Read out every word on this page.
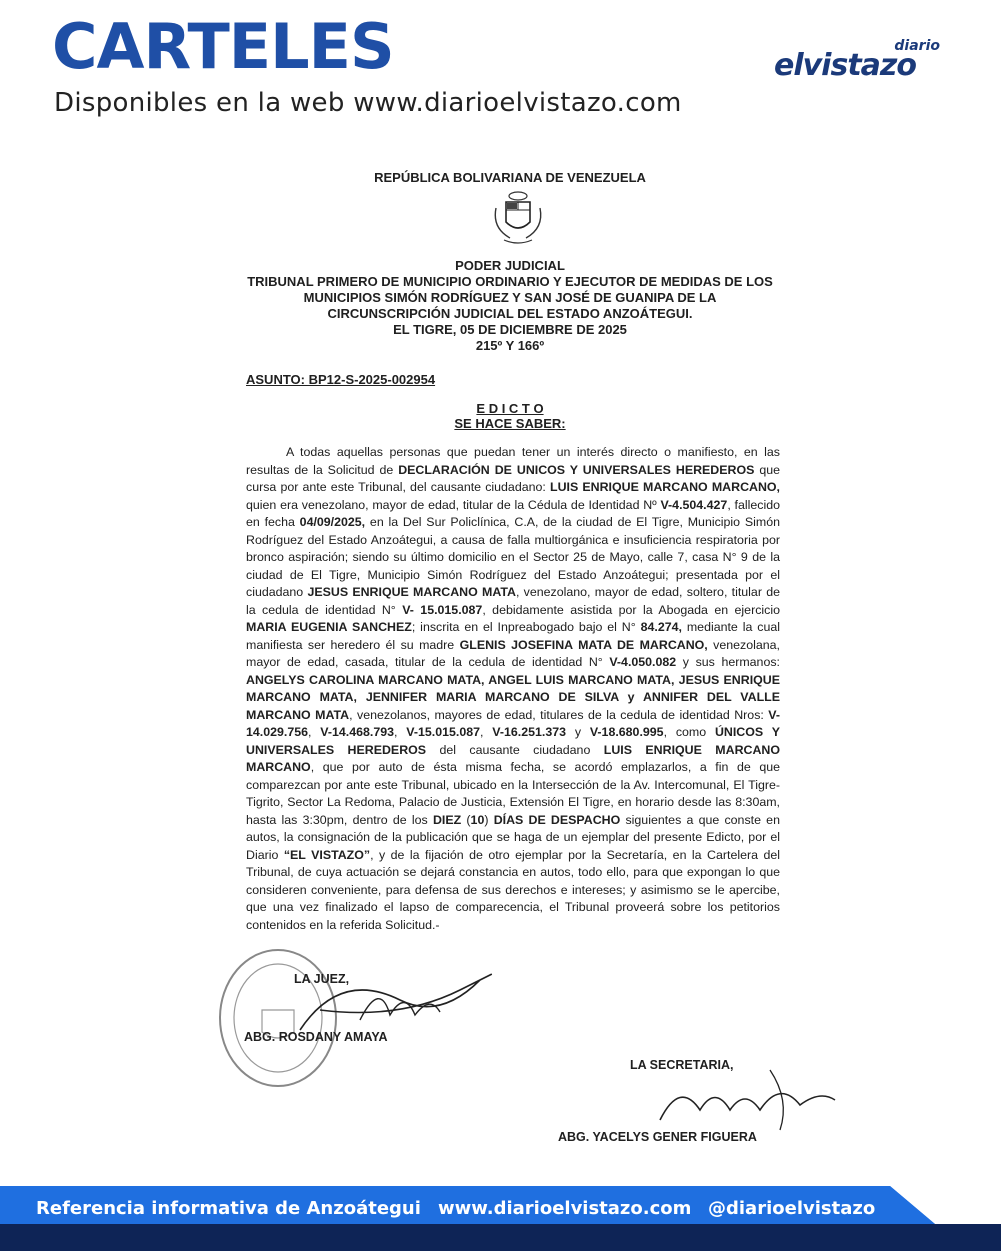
CARTELES
Disponibles en la web www.diarioelvistazo.com
diario
elvistazo
REPÚBLICA BOLIVARIANA DE VENEZUELA
PODER JUDICIAL
TRIBUNAL PRIMERO DE MUNICIPIO ORDINARIO Y EJECUTOR DE MEDIDAS DE LOS
MUNICIPIOS SIMÓN RODRÍGUEZ Y SAN JOSÉ DE GUANIPA DE LA
CIRCUNSCRIPCIÓN JUDICIAL DEL ESTADO ANZOÁTEGUI.
EL TIGRE, 05 DE DICIEMBRE DE 2025
215º Y 166º
ASUNTO: BP12-S-2025-002954
E D I C T O
SE HACE SABER:
A todas aquellas personas que puedan tener un interés directo o manifiesto, en las resultas de la Solicitud de DECLARACIÓN DE UNICOS Y UNIVERSALES HEREDEROS que cursa por ante este Tribunal, del causante ciudadano: LUIS ENRIQUE MARCANO MARCANO, quien era venezolano, mayor de edad, titular de la Cédula de Identidad Nº V-4.504.427, fallecido en fecha 04/09/2025, en la Del Sur Policlínica, C.A, de la ciudad de El Tigre, Municipio Simón Rodríguez del Estado Anzoátegui, a causa de falla multiorgánica e insuficiencia respiratoria por bronco aspiración; siendo su último domicilio en el Sector 25 de Mayo, calle 7, casa N° 9 de la ciudad de El Tigre, Municipio Simón Rodríguez del Estado Anzoátegui; presentada por el ciudadano JESUS ENRIQUE MARCANO MATA, venezolano, mayor de edad, soltero, titular de la cedula de identidad N° V- 15.015.087, debidamente asistida por la Abogada en ejercicio MARIA EUGENIA SANCHEZ; inscrita en el Inpreabogado bajo el N° 84.274, mediante la cual manifiesta ser heredero él su madre GLENIS JOSEFINA MATA DE MARCANO, venezolana, mayor de edad, casada, titular de la cedula de identidad N° V-4.050.082 y sus hermanos: ANGELYS CAROLINA MARCANO MATA, ANGEL LUIS MARCANO MATA, JESUS ENRIQUE MARCANO MATA, JENNIFER MARIA MARCANO DE SILVA y ANNIFER DEL VALLE MARCANO MATA, venezolanos, mayores de edad, titulares de la cedula de identidad Nros: V-14.029.756, V-14.468.793, V-15.015.087, V-16.251.373 y V-18.680.995, como ÚNICOS Y UNIVERSALES HEREDEROS del causante ciudadano LUIS ENRIQUE MARCANO MARCANO, que por auto de ésta misma fecha, se acordó emplazarlos, a fin de que comparezcan por ante este Tribunal, ubicado en la Intersección de la Av. Intercomunal, El Tigre-Tigrito, Sector La Redoma, Palacio de Justicia, Extensión El Tigre, en horario desde las 8:30am, hasta las 3:30pm, dentro de los DIEZ (10) DÍAS DE DESPACHO siguientes a que conste en autos, la consignación de la publicación que se haga de un ejemplar del presente Edicto, por el Diario “EL VISTAZO”, y de la fijación de otro ejemplar por la Secretaría, en la Cartelera del Tribunal, de cuya actuación se dejará constancia en autos, todo ello, para que expongan lo que consideren conveniente, para defensa de sus derechos e intereses; y asimismo se le apercibe, que una vez finalizado el lapso de comparecencia, el Tribunal proveerá sobre los petitorios contenidos en la referida Solicitud.-
LA JUEZ,
ABG. ROSDANY AMAYA
LA SECRETARIA,
ABG. YACELYS GENER FIGUERA
Referencia informativa de Anzoátegui www.diarioelvistazo.com @diarioelvistazo
